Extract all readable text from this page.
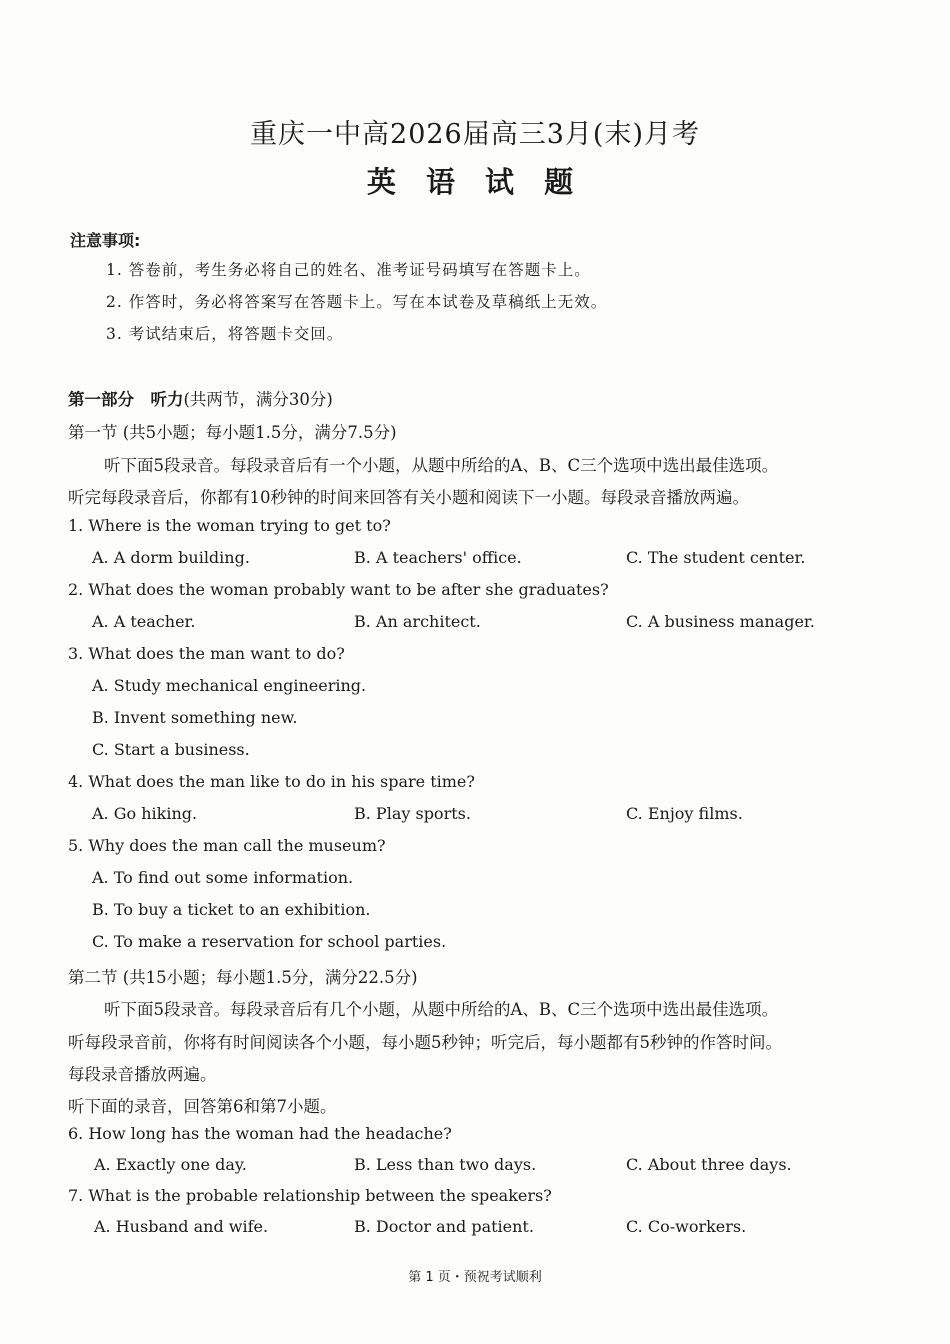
重庆一中高2026届高三3月(末)月考
英 语 试 题
注意事项:
1. 答卷前，考生务必将自己的姓名、准考证号码填写在答题卡上。
2. 作答时，务必将答案写在答题卡上。写在本试卷及草稿纸上无效。
3. 考试结束后，将答题卡交回。
第一部分　听力(共两节，满分30分)
第一节 (共5小题；每小题1.5分，满分7.5分)
听下面5段录音。每段录音后有一个小题，从题中所给的A、B、C三个选项中选出最佳选项。
听完每段录音后，你都有10秒钟的时间来回答有关小题和阅读下一小题。每段录音播放两遍。
1. Where is the woman trying to get to?
A. A dorm building.	B. A teachers' office.	C. The student center.
2. What does the woman probably want to be after she graduates?
A. A teacher.	B. An architect.	C. A business manager.
3. What does the man want to do?
A. Study mechanical engineering.
B. Invent something new.
C. Start a business.
4. What does the man like to do in his spare time?
A. Go hiking.	B. Play sports.	C. Enjoy films.
5. Why does the man call the museum?
A. To find out some information.
B. To buy a ticket to an exhibition.
C. To make a reservation for school parties.
第二节 (共15小题；每小题1.5分，满分22.5分)
听下面5段录音。每段录音后有几个小题，从题中所给的A、B、C三个选项中选出最佳选项。
听每段录音前，你将有时间阅读各个小题，每小题5秒钟；听完后，每小题都有5秒钟的作答时间。
每段录音播放两遍。
听下面的录音，回答第6和第7小题。
6. How long has the woman had the headache?
A. Exactly one day.	B. Less than two days.	C. About three days.
7. What is the probable relationship between the speakers?
A. Husband and wife.	B. Doctor and patient.	C. Co-workers.
第 1 页・预祝考试顺利
